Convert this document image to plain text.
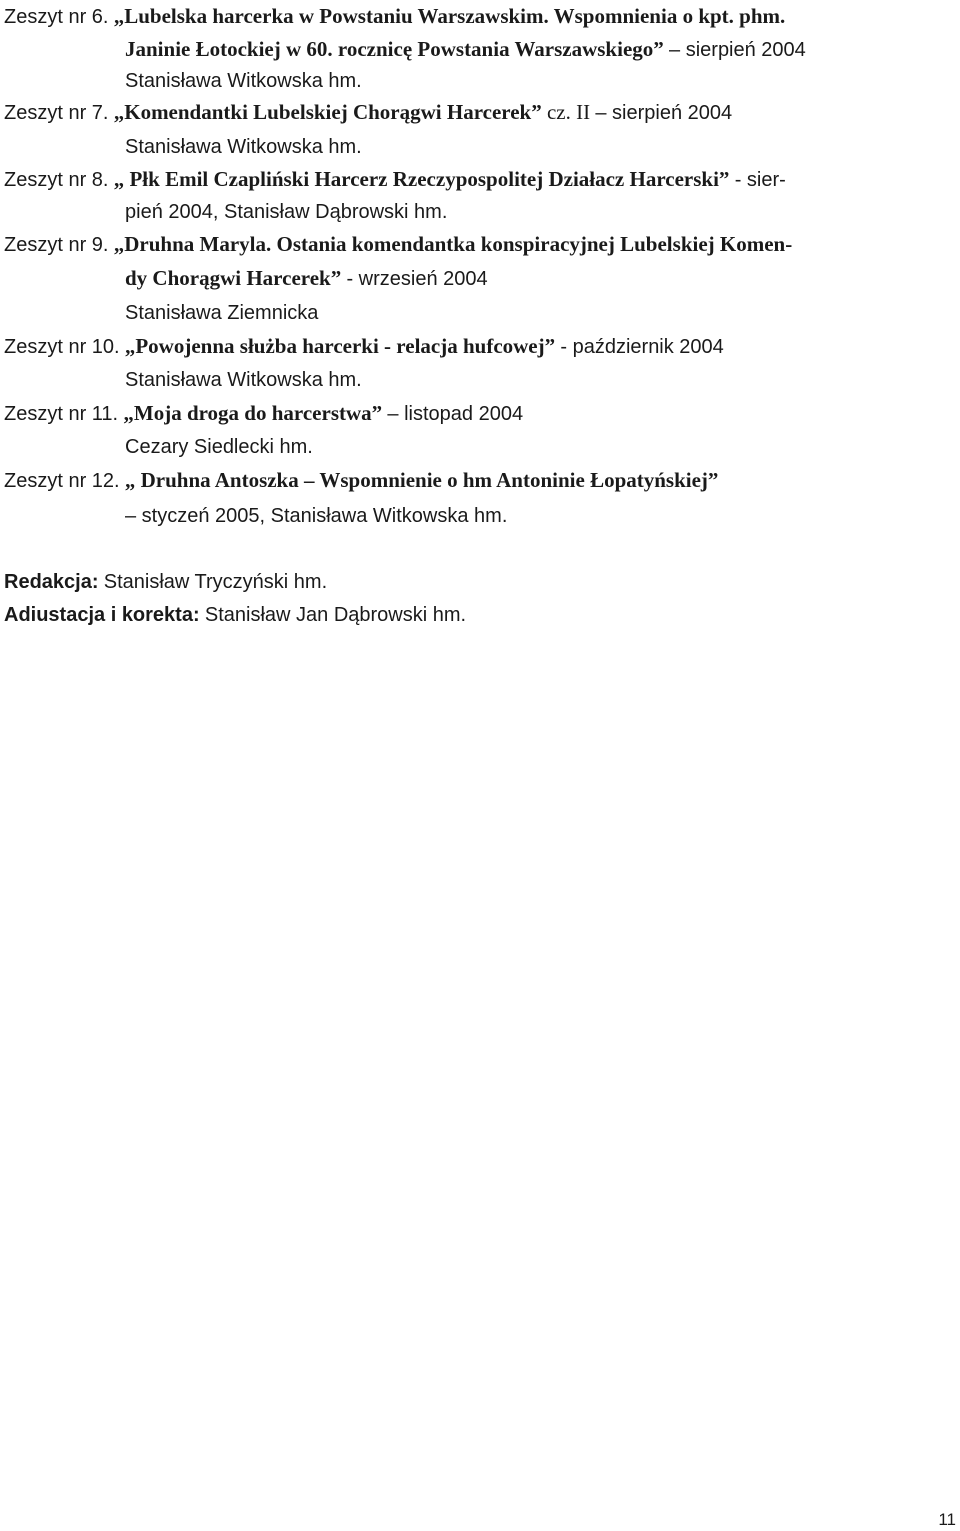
Zeszyt nr 6. „Lubelska harcerka w Powstaniu Warszawskim. Wspomnienia o kpt. phm.
Janinie Łotockiej w 60. rocznicę Powstania Warszawskiego” – sierpień 2004
Stanisława Witkowska hm.
Zeszyt nr 7. „Komendantki Lubelskiej Chorągwi Harcerek” cz. II – sierpień 2004
Stanisława Witkowska hm.
Zeszyt nr 8. „ Płk Emil Czapliński Harcerz Rzeczypospolitej Działacz Harcerski” - sier-
pień 2004, Stanisław Dąbrowski hm.
Zeszyt nr 9. „Druhna Maryla. Ostania komendantka konspiracyjnej Lubelskiej Komen-
dy Chorągwi Harcerek” - wrzesień 2004
Stanisława Ziemnicka
Zeszyt nr 10. „Powojenna służba harcerki - relacja hufcowej” - październik 2004
Stanisława Witkowska hm.
Zeszyt nr 11. „Moja droga do harcerstwa” – listopad 2004
Cezary Siedlecki hm.
Zeszyt nr 12. „ Druhna Antoszka – Wspomnienie o hm Antoninie Łopatyńskiej”
– styczeń 2005, Stanisława Witkowska hm.
Redakcja: Stanisław Tryczyński hm.
Adiustacja i korekta: Stanisław Jan Dąbrowski hm.
11
